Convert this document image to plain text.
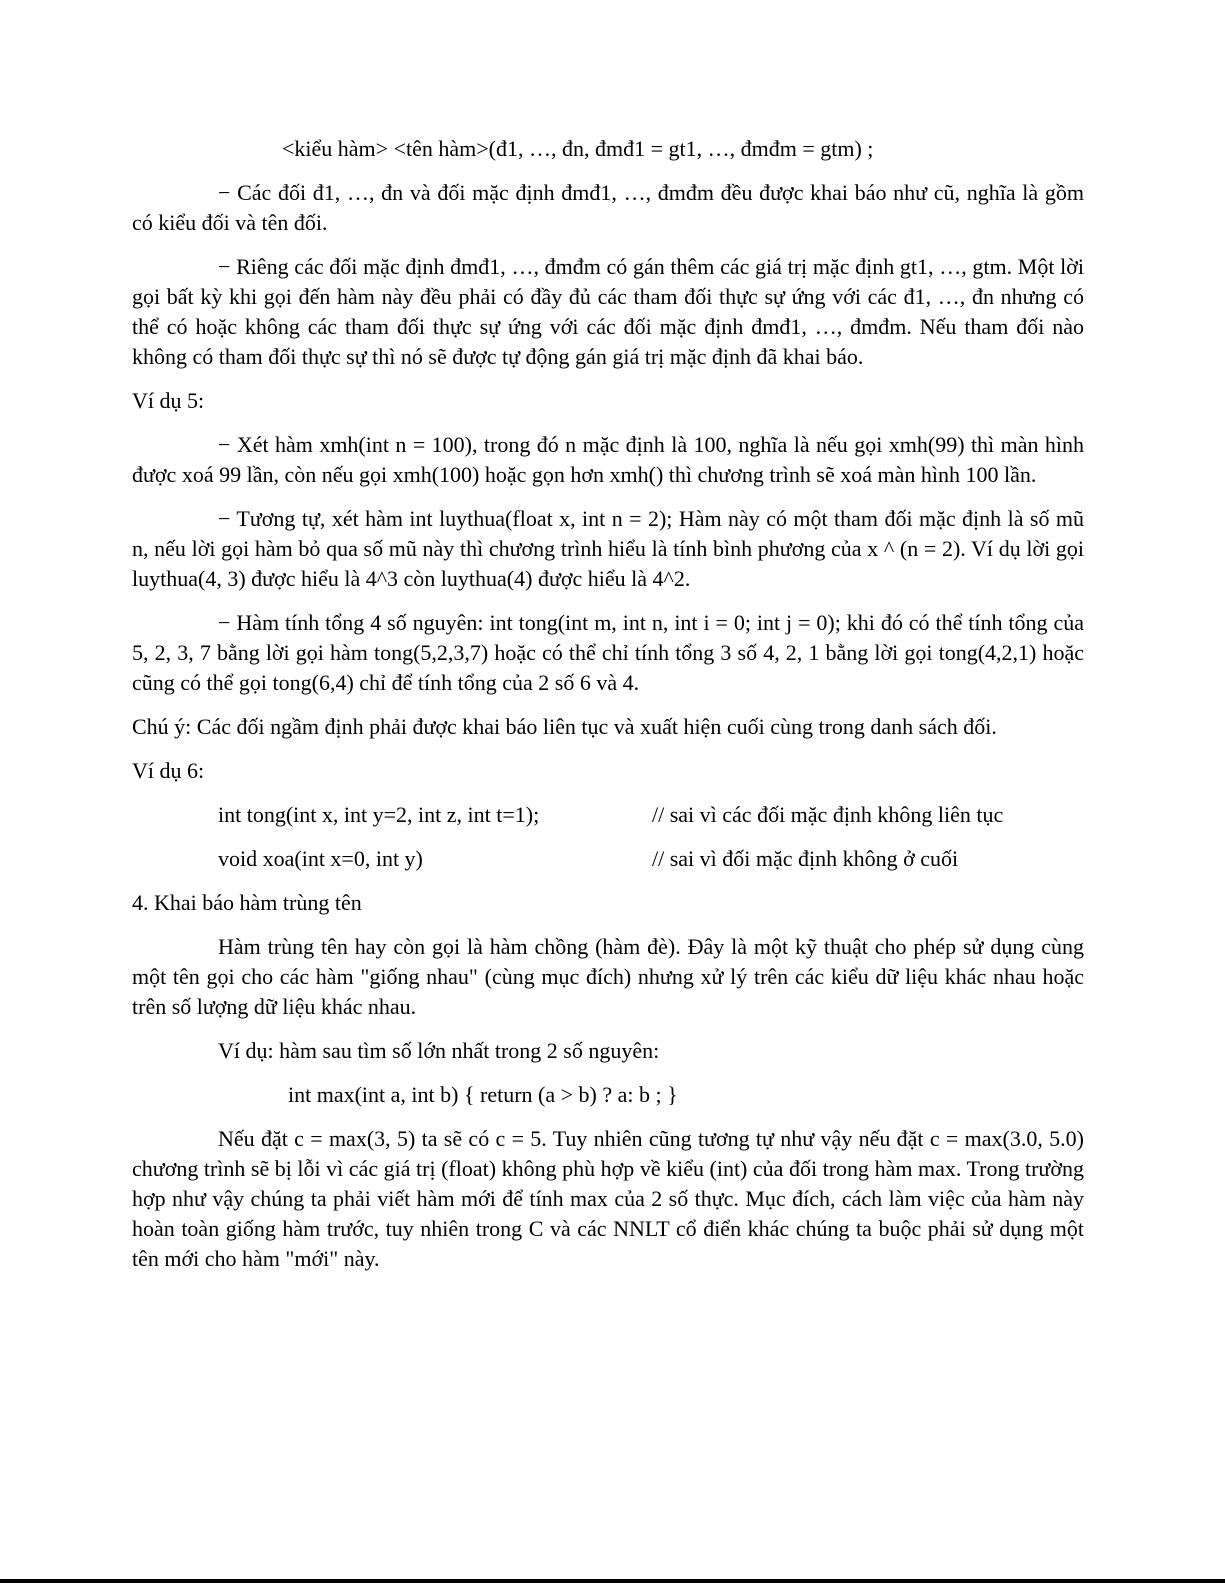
<kiểu hàm> <tên hàm>(đ1, …, đn, đmđ1 = gt1, …, đmđm = gtm) ;

− Các đối đ1, …, đn và đối mặc định đmđ1, …, đmđm đều được khai báo như cũ, nghĩa là gồm có kiểu đối và tên đối.

− Riêng các đối mặc định đmđ1, …, đmđm có gán thêm các giá trị mặc định gt1, …, gtm. Một lời gọi bất kỳ khi gọi đến hàm này đều phải có đầy đủ các tham đối thực sự ứng với các đ1, …, đn nhưng có thể có hoặc không các tham đối thực sự ứng với các đối mặc định đmđ1, …, đmđm. Nếu tham đối nào không có tham đối thực sự thì nó sẽ được tự động gán giá trị mặc định đã khai báo.

Ví dụ 5:

− Xét hàm xmh(int n = 100), trong đó n mặc định là 100, nghĩa là nếu gọi xmh(99) thì màn hình được xoá 99 lần, còn nếu gọi xmh(100) hoặc gọn hơn xmh() thì chương trình sẽ xoá màn hình 100 lần.

− Tương tự, xét hàm int luythua(float x, int n = 2); Hàm này có một tham đối mặc định là số mũ n, nếu lời gọi hàm bỏ qua số mũ này thì chương trình hiểu là tính bình phương của x ^ (n = 2). Ví dụ lời gọi luythua(4, 3) được hiểu là 4^3 còn luythua(4) được hiểu là 4^2.

− Hàm tính tổng 4 số nguyên: int tong(int m, int n, int i = 0; int j = 0); khi đó có thể tính tổng của 5, 2, 3, 7 bằng lời gọi hàm tong(5,2,3,7) hoặc có thể chỉ tính tổng 3 số 4, 2, 1 bằng lời gọi tong(4,2,1) hoặc cũng có thể gọi tong(6,4) chỉ để tính tổng của 2 số 6 và 4.

Chú ý: Các đối ngầm định phải được khai báo liên tục và xuất hiện cuối cùng trong danh sách đối.

Ví dụ 6:

int tong(int x, int y=2, int z, int t=1);	// sai vì các đối mặc định không liên tục
void xoa(int x=0, int y)	// sai vì đối mặc định không ở cuối

4. Khai báo hàm trùng tên

Hàm trùng tên hay còn gọi là hàm chồng (hàm đè). Đây là một kỹ thuật cho phép sử dụng cùng một tên gọi cho các hàm "giống nhau" (cùng mục đích) nhưng xử lý trên các kiểu dữ liệu khác nhau hoặc trên số lượng dữ liệu khác nhau.

Ví dụ: hàm sau tìm số lớn nhất trong 2 số nguyên:

int max(int a, int b) { return (a > b) ? a: b ; }

Nếu đặt c = max(3, 5) ta sẽ có c = 5. Tuy nhiên cũng tương tự như vậy nếu đặt c = max(3.0, 5.0) chương trình sẽ bị lỗi vì các giá trị (float) không phù hợp về kiểu (int) của đối trong hàm max. Trong trường hợp như vậy chúng ta phải viết hàm mới để tính max của 2 số thực. Mục đích, cách làm việc của hàm này hoàn toàn giống hàm trước, tuy nhiên trong C và các NNLT cổ điển khác chúng ta buộc phải sử dụng một tên mới cho hàm "mới" này.
